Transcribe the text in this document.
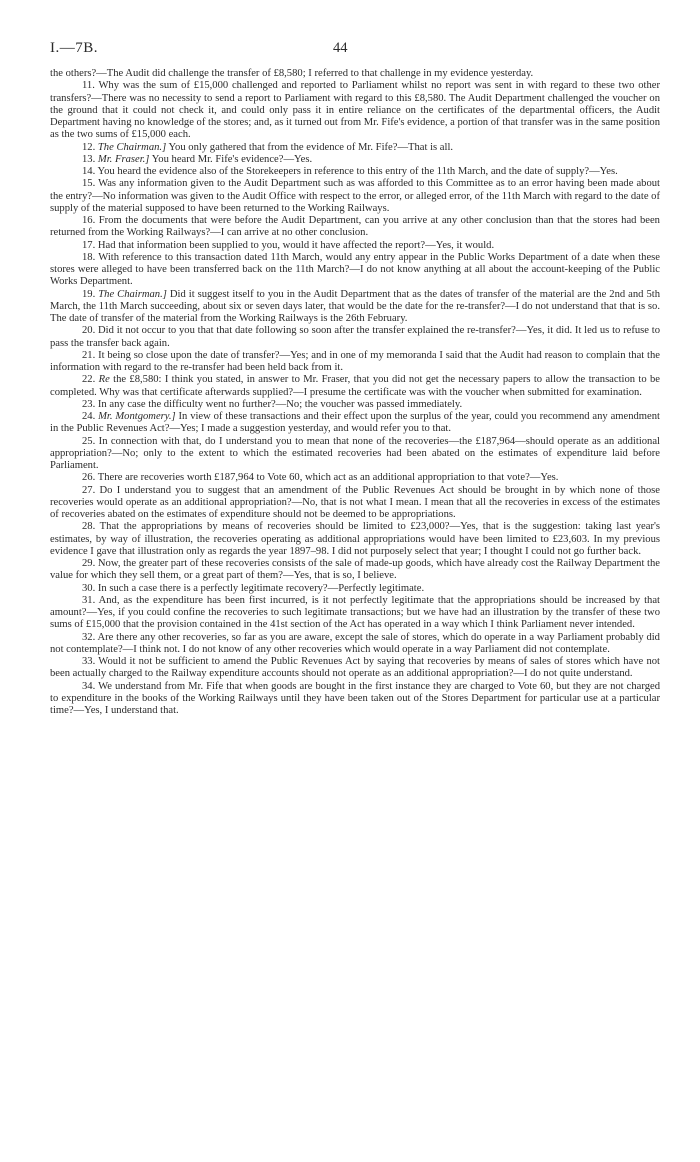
I.—7B.	44

the others?—The Audit did challenge the transfer of £8,580; I referred to that challenge in my evidence yesterday.

11. Why was the sum of £15,000 challenged and reported to Parliament whilst no report was sent in with regard to these two other transfers?—There was no necessity to send a report to Parliament with regard to this £8,580. The Audit Department challenged the voucher on the ground that it could not check it, and could only pass it in entire reliance on the certificates of the departmental officers, the Audit Department having no knowledge of the stores; and, as it turned out from Mr. Fife's evidence, a portion of that transfer was in the same position as the two sums of £15,000 each.

12. The Chairman.] You only gathered that from the evidence of Mr. Fife?—That is all.

13. Mr. Fraser.] You heard Mr. Fife's evidence?—Yes.

14. You heard the evidence also of the Storekeepers in reference to this entry of the 11th March, and the date of supply?—Yes.

15. Was any information given to the Audit Department such as was afforded to this Committee as to an error having been made about the entry?—No information was given to the Audit Office with respect to the error, or alleged error, of the 11th March with regard to the date of supply of the material supposed to have been returned to the Working Railways.

16. From the documents that were before the Audit Department, can you arrive at any other conclusion than that the stores had been returned from the Working Railways?—I can arrive at no other conclusion.

17. Had that information been supplied to you, would it have affected the report?—Yes, it would.

18. With reference to this transaction dated 11th March, would any entry appear in the Public Works Department of a date when these stores were alleged to have been transferred back on the 11th March?—I do not know anything at all about the account-keeping of the Public Works Department.

19. The Chairman.] Did it suggest itself to you in the Audit Department that as the dates of transfer of the material are the 2nd and 5th March, the 11th March succeeding, about six or seven days later, that would be the date for the re-transfer?—I do not understand that that is so. The date of transfer of the material from the Working Railways is the 26th February.

20. Did it not occur to you that that date following so soon after the transfer explained the re-transfer?—Yes, it did. It led us to refuse to pass the transfer back again.

21. It being so close upon the date of transfer?—Yes; and in one of my memoranda I said that the Audit had reason to complain that the information with regard to the re-transfer had been held back from it.

22. Re the £8,580: I think you stated, in answer to Mr. Fraser, that you did not get the necessary papers to allow the transaction to be completed. Why was that certificate afterwards supplied?—I presume the certificate was with the voucher when submitted for examination.

23. In any case the difficulty went no further?—No; the voucher was passed immediately.

24. Mr. Montgomery.] In view of these transactions and their effect upon the surplus of the year, could you recommend any amendment in the Public Revenues Act?—Yes; I made a suggestion yesterday, and would refer you to that.

25. In connection with that, do I understand you to mean that none of the recoveries—the £187,964—should operate as an additional appropriation?—No; only to the extent to which the estimated recoveries had been abated on the estimates of expenditure laid before Parliament.

26. There are recoveries worth £187,964 to Vote 60, which act as an additional appropriation to that vote?—Yes.

27. Do I understand you to suggest that an amendment of the Public Revenues Act should be brought in by which none of those recoveries would operate as an additional appropriation?—No, that is not what I mean. I mean that all the recoveries in excess of the estimates of recoveries abated on the estimates of expenditure should not be deemed to be appropriations.

28. That the appropriations by means of recoveries should be limited to £23,000?—Yes, that is the suggestion: taking last year's estimates, by way of illustration, the recoveries operating as additional appropriations would have been limited to £23,603. In my previous evidence I gave that illustration only as regards the year 1897–98. I did not purposely select that year; I thought I could not go further back.

29. Now, the greater part of these recoveries consists of the sale of made-up goods, which have already cost the Railway Department the value for which they sell them, or a great part of them?—Yes, that is so, I believe.

30. In such a case there is a perfectly legitimate recovery?—Perfectly legitimate.

31. And, as the expenditure has been first incurred, is it not perfectly legitimate that the appropriations should be increased by that amount?—Yes, if you could confine the recoveries to such legitimate transactions; but we have had an illustration by the transfer of these two sums of £15,000 that the provision contained in the 41st section of the Act has operated in a way which I think Parliament never intended.

32. Are there any other recoveries, so far as you are aware, except the sale of stores, which do operate in a way Parliament probably did not contemplate?—I think not. I do not know of any other recoveries which would operate in a way Parliament did not contemplate.

33. Would it not be sufficient to amend the Public Revenues Act by saying that recoveries by means of sales of stores which have not been actually charged to the Railway expenditure accounts should not operate as an additional appropriation?—I do not quite understand.

34. We understand from Mr. Fife that when goods are bought in the first instance they are charged to Vote 60, but they are not charged to expenditure in the books of the Working Railways until they have been taken out of the Stores Department for particular use at a particular time?—Yes, I understand that.
